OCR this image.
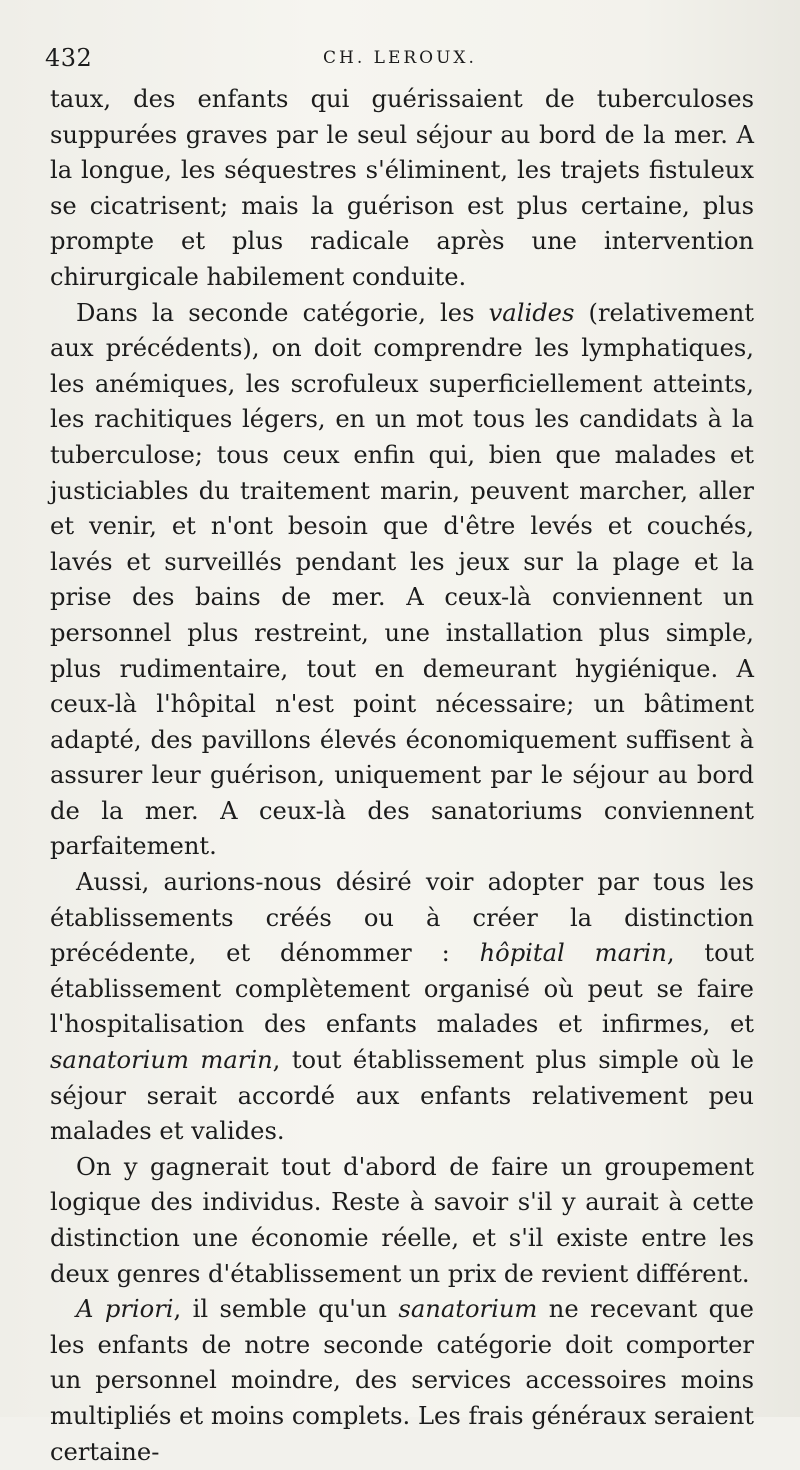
432	CH. LEROUX.

taux, des enfants qui guérissaient de tuberculoses suppurées graves par le seul séjour au bord de la mer. A la longue, les séquestres s'éliminent, les trajets fistuleux se cicatrisent; mais la guérison est plus certaine, plus prompte et plus radicale après une intervention chirurgicale habilement conduite.

Dans la seconde catégorie, les valides (relativement aux précédents), on doit comprendre les lymphatiques, les anémiques, les scrofuleux superficiellement atteints, les rachitiques légers, en un mot tous les candidats à la tuberculose; tous ceux enfin qui, bien que malades et justiciables du traitement marin, peuvent marcher, aller et venir, et n'ont besoin que d'être levés et couchés, lavés et surveillés pendant les jeux sur la plage et la prise des bains de mer. A ceux-là conviennent un personnel plus restreint, une installation plus simple, plus rudimentaire, tout en demeurant hygiénique. A ceux-là l'hôpital n'est point nécessaire; un bâtiment adapté, des pavillons élevés économiquement suffisent à assurer leur guérison, uniquement par le séjour au bord de la mer. A ceux-là des sanatoriums conviennent parfaitement.

Aussi, aurions-nous désiré voir adopter par tous les établissements créés ou à créer la distinction précédente, et dénommer : hôpital marin, tout établissement complètement organisé où peut se faire l'hospitalisation des enfants malades et infirmes, et sanatorium marin, tout établissement plus simple où le séjour serait accordé aux enfants relativement peu malades et valides.

On y gagnerait tout d'abord de faire un groupement logique des individus. Reste à savoir s'il y aurait à cette distinction une économie réelle, et s'il existe entre les deux genres d'établissement un prix de revient différent.

A priori, il semble qu'un sanatorium ne recevant que les enfants de notre seconde catégorie doit comporter un personnel moindre, des services accessoires moins multipliés et moins complets. Les frais généraux seraient certaine-
